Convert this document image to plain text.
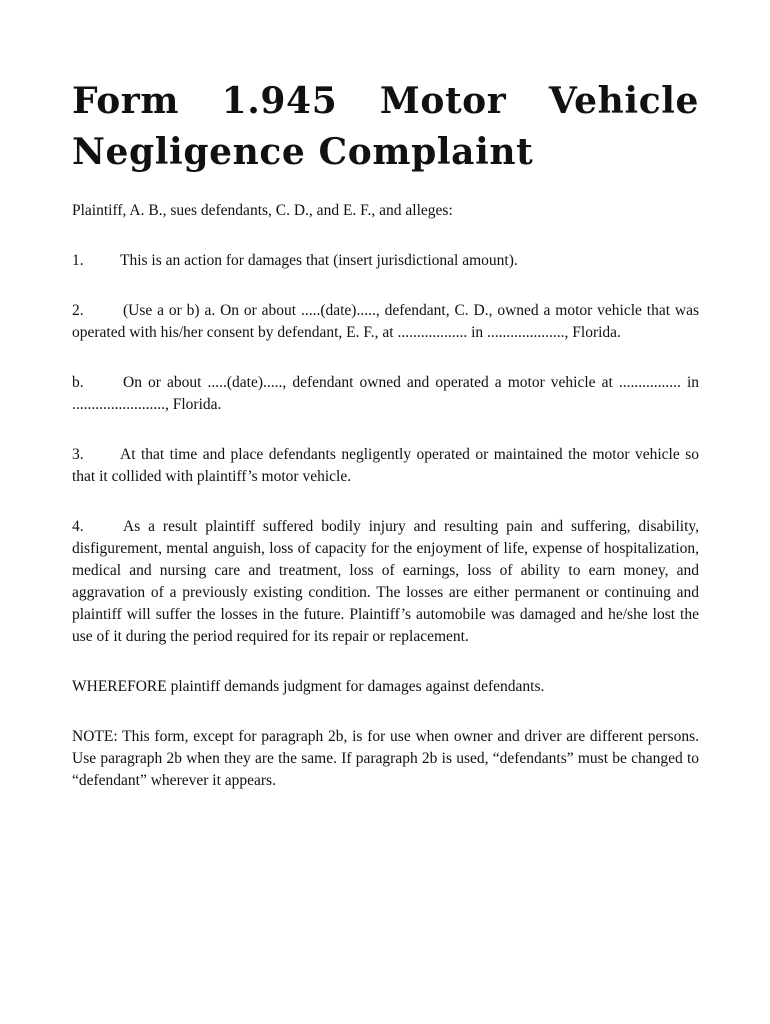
Form 1.945 Motor Vehicle
Negligence Complaint

Plaintiff, A. B., sues defendants, C. D., and E. F., and alleges:

1. This is an action for damages that (insert jurisdictional amount).

2.	(Use a or b) a. On or about .....(date)....., defendant, C. D., owned a motor vehicle that was operated with his/her consent by defendant, E. F., at .................. in ...................., Florida.

b.	On or about .....(date)....., defendant owned and operated a motor vehicle at ................ in ........................, Florida.

3. At that time and place defendants negligently operated or maintained the motor vehicle so that it collided with plaintiff’s motor vehicle.

4.	As a result plaintiff suffered bodily injury and resulting pain and suffering, disability, disfigurement, mental anguish, loss of capacity for the enjoyment of life, expense of hospitalization, medical and nursing care and treatment, loss of earnings, loss of ability to earn money, and aggravation of a previously existing condition. The losses are either permanent or continuing and plaintiff will suffer the losses in the future. Plaintiff’s automobile was damaged and he/she lost the use of it during the period required for its repair or replacement.

WHEREFORE plaintiff demands judgment for damages against defendants.

NOTE: This form, except for paragraph 2b, is for use when owner and driver are different persons. Use paragraph 2b when they are the same. If paragraph 2b is used, “defendants” must be changed to “defendant” wherever it appears.
